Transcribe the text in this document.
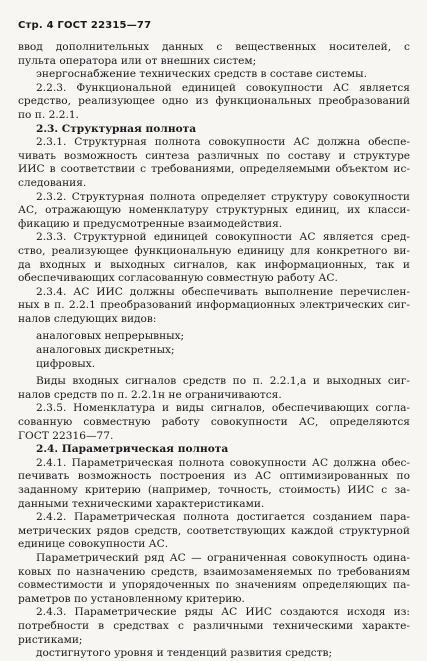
Стр. 4 ГОСТ 22315—77
ввод дополнительных данных с вещественных носителей, с
пульта оператора или от внешних систем;
энергоснабжение технических средств в составе системы.
2.2.3. Функциональной единицей совокупности АС является
средство, реализующее одно из функциональных преобразований
по п. 2.2.1.
2.3. Структурная полнота
2.3.1. Структурная полнота совокупности АС должна обеспе-
чивать возможность синтеза различных по составу и структуре
ИИС в соответствии с требованиями, определяемыми объектом ис-
следования.
2.3.2. Структурная полнота определяет структуру совокупности
АС, отражающую номенклатуру структурных единиц, их класси-
фикацию и предусмотренные взаимодействия.
2.3.3. Структурной единицей совокупности АС является сред-
ство, реализующее функциональную единицу для конкретного ви-
да входных и выходных сигналов, как информационных, так и
обеспечивающих согласованную совместную работу АС.
2.3.4. АС ИИС должны обеспечивать выполнение перечислен-
ных в п. 2.2.1 преобразований информационных электрических сиг-
налов следующих видов:
аналоговых непрерывных;
аналоговых дискретных;
цифровых.
Виды входных сигналов средств по п. 2.2.1,а и выходных сиг-
налов средств по п. 2.2.1н не ограничиваются.
2.3.5. Номенклатура и виды сигналов, обеспечивающих согла-
сованную совместную работу совокупности АС, определяются
ГОСТ 22316—77.
2.4. Параметрическая полнота
2.4.1. Параметрическая полнота совокупности АС должна обес-
печивать возможность построения из АС оптимизированных по
заданному критерию (например, точность, стоимость) ИИС с за-
данными техническими характеристиками.
2.4.2. Параметрическая полнота достигается созданием пара-
метрических рядов средств, соответствующих каждой структурной
единице совокупности АС.
Параметрический ряд АС — ограниченная совокупность одина-
ковых по назначению средств, взаимозаменяемых по требованиям
совместимости и упорядоченных по значениям определяющих па-
раметров по установленному критерию.
2.4.3. Параметрические ряды АС ИИС создаются исходя из:
потребности в средствах с различными техническими характе-
ристиками;
достигнутого уровня и тенденций развития средств;
